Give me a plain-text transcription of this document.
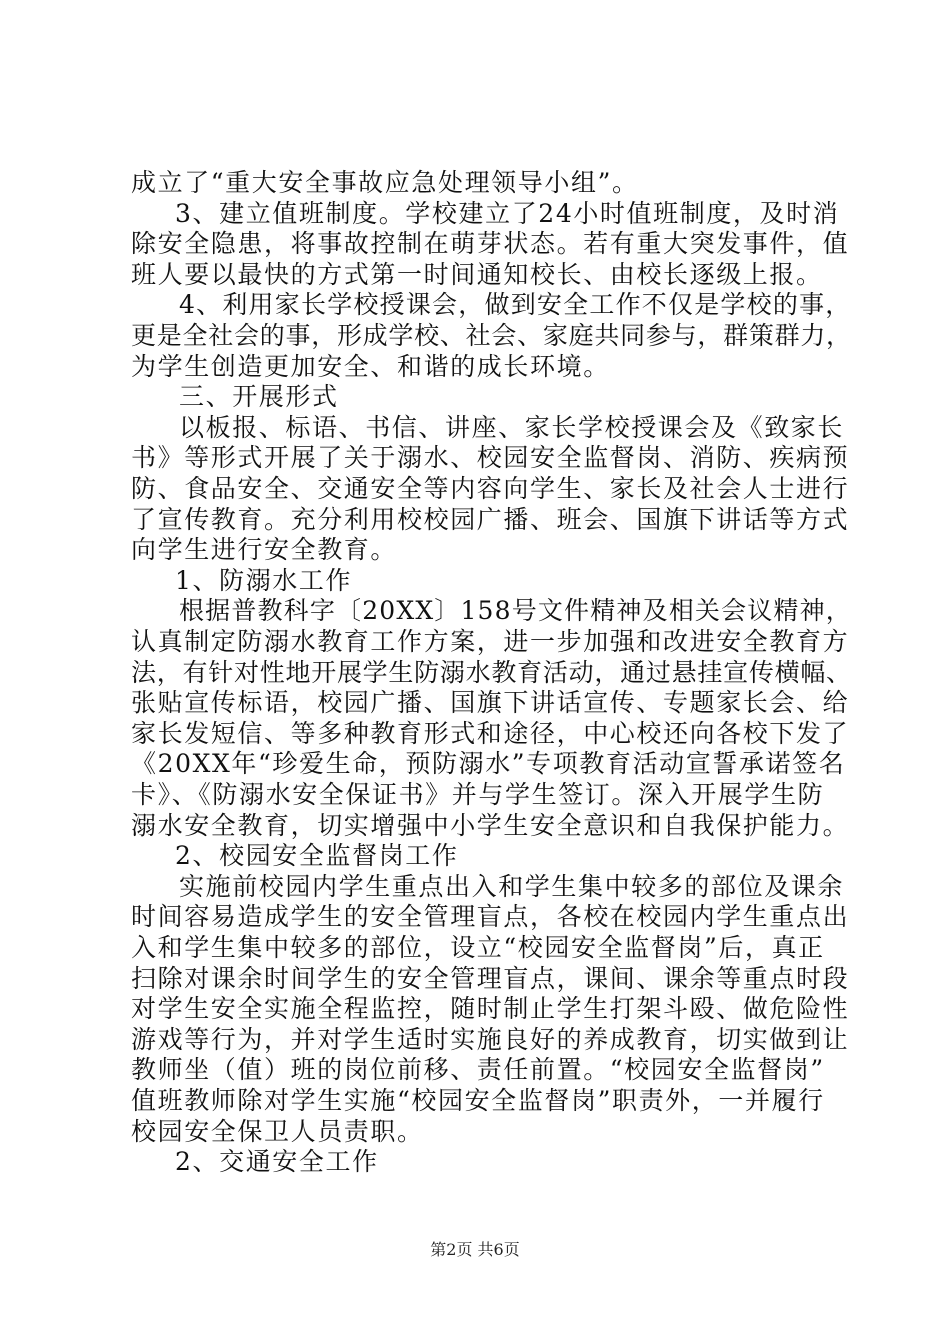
成立了“重大安全事故应急处理领导小组”。
3、建立值班制度。学校建立了24小时值班制度，及时消
除安全隐患，将事故控制在萌芽状态。若有重大突发事件，值
班人要以最快的方式第一时间通知校长、由校长逐级上报。
4、利用家长学校授课会，做到安全工作不仅是学校的事，
更是全社会的事，形成学校、社会、家庭共同参与，群策群力，
为学生创造更加安全、和谐的成长环境。
三、开展形式
以板报、标语、书信、讲座、家长学校授课会及《致家长
书》等形式开展了关于溺水、校园安全监督岗、消防、疾病预
防、食品安全、交通安全等内容向学生、家长及社会人士进行
了宣传教育。充分利用校校园广播、班会、国旗下讲话等方式
向学生进行安全教育。
1、防溺水工作
根据普教科字〔20XX〕158号文件精神及相关会议精神，
认真制定防溺水教育工作方案，进一步加强和改进安全教育方
法，有针对性地开展学生防溺水教育活动，通过悬挂宣传横幅、
张贴宣传标语，校园广播、国旗下讲话宣传、专题家长会、给
家长发短信、等多种教育形式和途径，中心校还向各校下发了
《20XX年“珍爱生命，预防溺水”专项教育活动宣誓承诺签名
卡》、《防溺水安全保证书》并与学生签订。深入开展学生防
溺水安全教育，切实增强中小学生安全意识和自我保护能力。
2、校园安全监督岗工作
实施前校园内学生重点出入和学生集中较多的部位及课余
时间容易造成学生的安全管理盲点，各校在校园内学生重点出
入和学生集中较多的部位，设立“校园安全监督岗”后，真正
扫除对课余时间学生的安全管理盲点，课间、课余等重点时段
对学生安全实施全程监控，随时制止学生打架斗殴、做危险性
游戏等行为，并对学生适时实施良好的养成教育，切实做到让
教师坐（值）班的岗位前移、责任前置。“校园安全监督岗”
值班教师除对学生实施“校园安全监督岗”职责外，一并履行
校园安全保卫人员责职。
2、交通安全工作
第2页 共6页
